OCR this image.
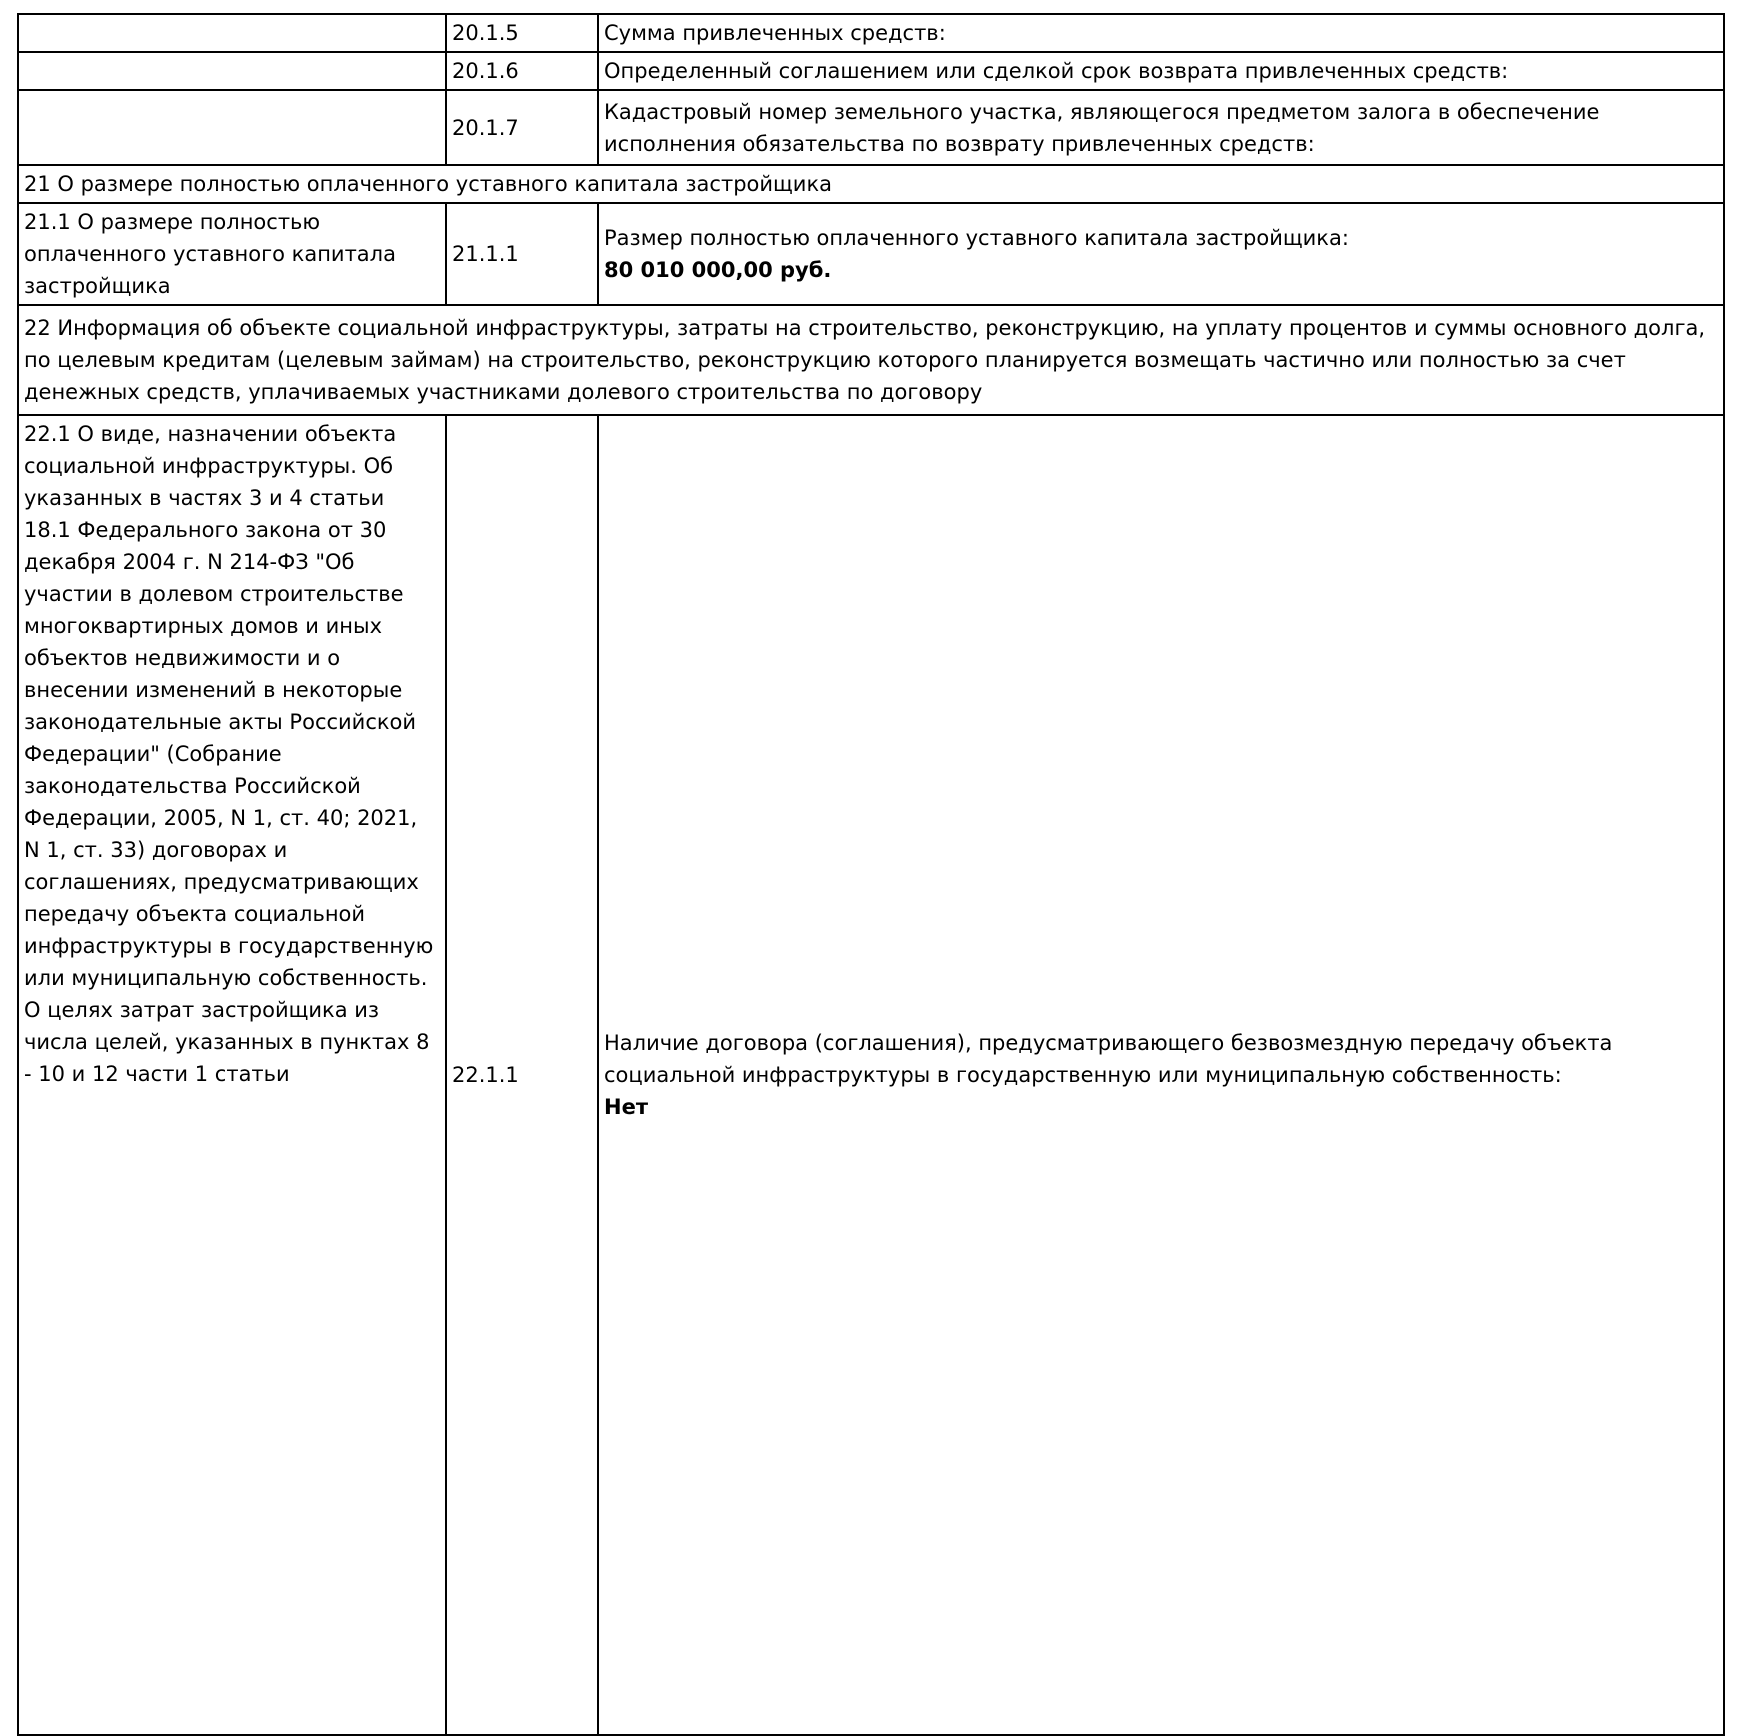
	20.1.5	Сумма привлеченных средств:
	20.1.6	Определенный соглашением или сделкой срок возврата привлеченных средств:
	20.1.7	Кадастровый номер земельного участка, являющегося предметом залога в обеспечение исполнения обязательства по возврату привлеченных средств:
21 О размере полностью оплаченного уставного капитала застройщика		
21.1 О размере полностью оплаченного уставного капитала застройщика	21.1.1	Размер полностью оплаченного уставного капитала застройщика:
80 010 000,00 руб.

22 Информация об объекте социальной инфраструктуры, затраты на строительство, реконструкцию, на уплату процентов и суммы основного долга, по целевым кредитам (целевым займам) на строительство, реконструкцию которого планируется возмещать частично или полностью за счет денежных средств, уплачиваемых участниками долевого строительства по договору		
22.1 О виде, назначении объекта социальной инфраструктуры. Об указанных в частях 3 и 4 статьи 18.1 Федерального закона от 30 декабря 2004 г. N 214-ФЗ "Об участии в долевом строительстве многоквартирных домов и иных объектов недвижимости и о внесении изменений в некоторые законодательные акты Российской Федерации" (Собрание законодательства Российской Федерации, 2005, N 1, ст. 40; 2021, N 1, ст. 33) договорах и соглашениях, предусматривающих передачу объекта социальной инфраструктуры в государственную или муниципальную собственность. О целях затрат застройщика из числа целей, указанных в пунктах 8 - 10 и 12 части 1 статьи	22.1.1	Наличие договора (соглашения), предусматривающего безвозмездную передачу объекта социальной инфраструктуры в государственную или муниципальную собственность:
Нет
